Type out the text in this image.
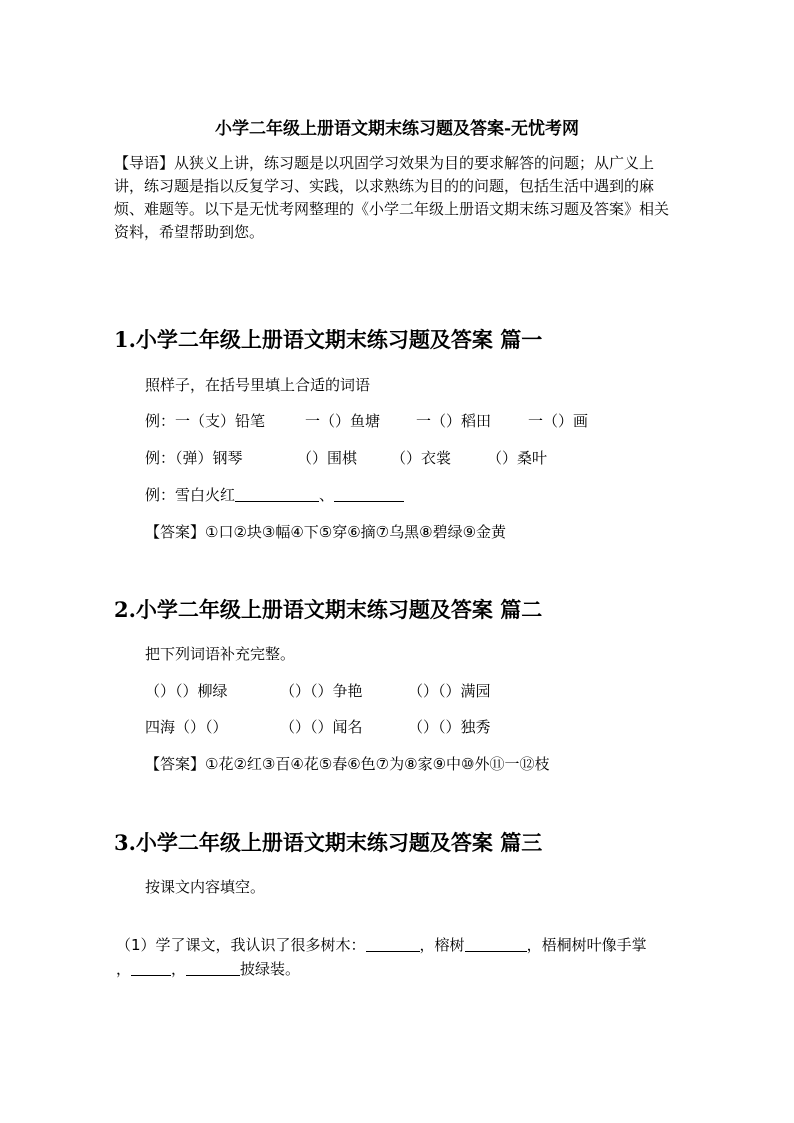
小学二年级上册语文期末练习题及答案-无忧考网
【导语】从狭义上讲，练习题是以巩固学习效果为目的要求解答的问题；从广义上讲，练习题是指以反复学习、实践，以求熟练为目的的问题，包括生活中遇到的麻烦、难题等。以下是无忧考网整理的《小学二年级上册语文期末练习题及答案》相关资料，希望帮助到您。
1.小学二年级上册语文期末练习题及答案 篇一
照样子，在括号里填上合适的词语
例：一（支）铅笔	一（）鱼塘 一（）稻田 一（）画
例：（弹）钢琴	（）围棋 （）衣裳 （）桑叶
例：雪白火红	、
【答案】①口②块③幅④下⑤穿⑥摘⑦乌黑⑧碧绿⑨金黄
2.小学二年级上册语文期末练习题及答案 篇二
把下列词语补充完整。
（）（）柳绿	（）（）争艳	（）（）满园
四海（）（）	（）（）闻名	（）（）独秀
【答案】①花②红③百④花⑤春⑥色⑦为⑧家⑨中⑩外⑪一⑫枝
3.小学二年级上册语文期末练习题及答案 篇三
按课文内容填空。
（1）学了课文，我认识了很多树木：	，榕树	，梧桐树叶像手掌
，	，	披绿装。
